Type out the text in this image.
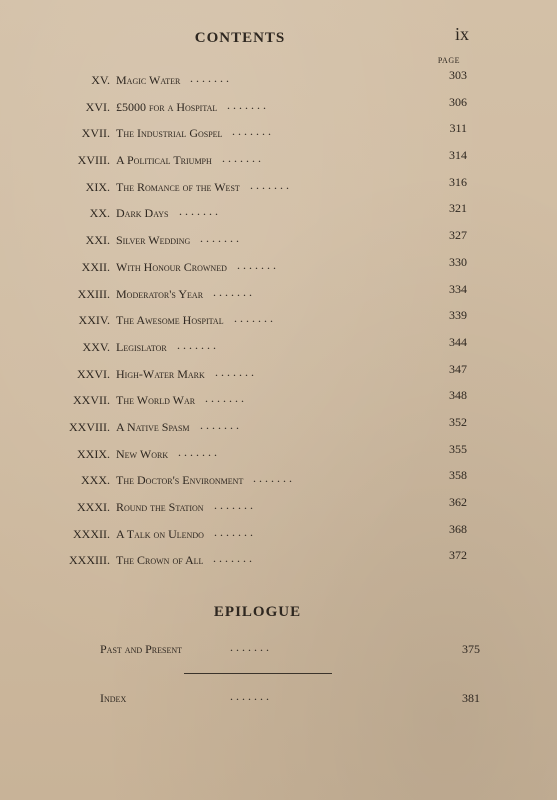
CONTENTS	ix
PAGE
XV. Magic Water . . . . . . .	303
XVI. £5000 for a Hospital . . . . . . .	306
XVII. The Industrial Gospel . . . . . . .	311
XVIII. A Political Triumph . . . . . . .	314
XIX. The Romance of the West . . . . . . .	316
XX. Dark Days . . . . . . .	321
XXI. Silver Wedding . . . . . . .	327
XXII. With Honour Crowned . . . . . . .	330
XXIII. Moderator's Year . . . . . . .	334
XXIV. The Awesome Hospital . . . . . . .	339
XXV. Legislator . . . . . . .	344
XXVI. High-Water Mark . . . . . . .	347
XXVII. The World War . . . . . . .	348
XXVIII. A Native Spasm . . . . . . .	352
XXIX. New Work . . . . . . .	355
XXX. The Doctor's Environment . . . . . . .	358
XXXI. Round the Station . . . . . . .	362
XXXII. A Talk on Ulendo . . . . . . .	368
XXXIII. The Crown of All . . . . . . .	372
EPILOGUE
Past and Present	. . . . . . .	375
Index	. . . . . . .	381
